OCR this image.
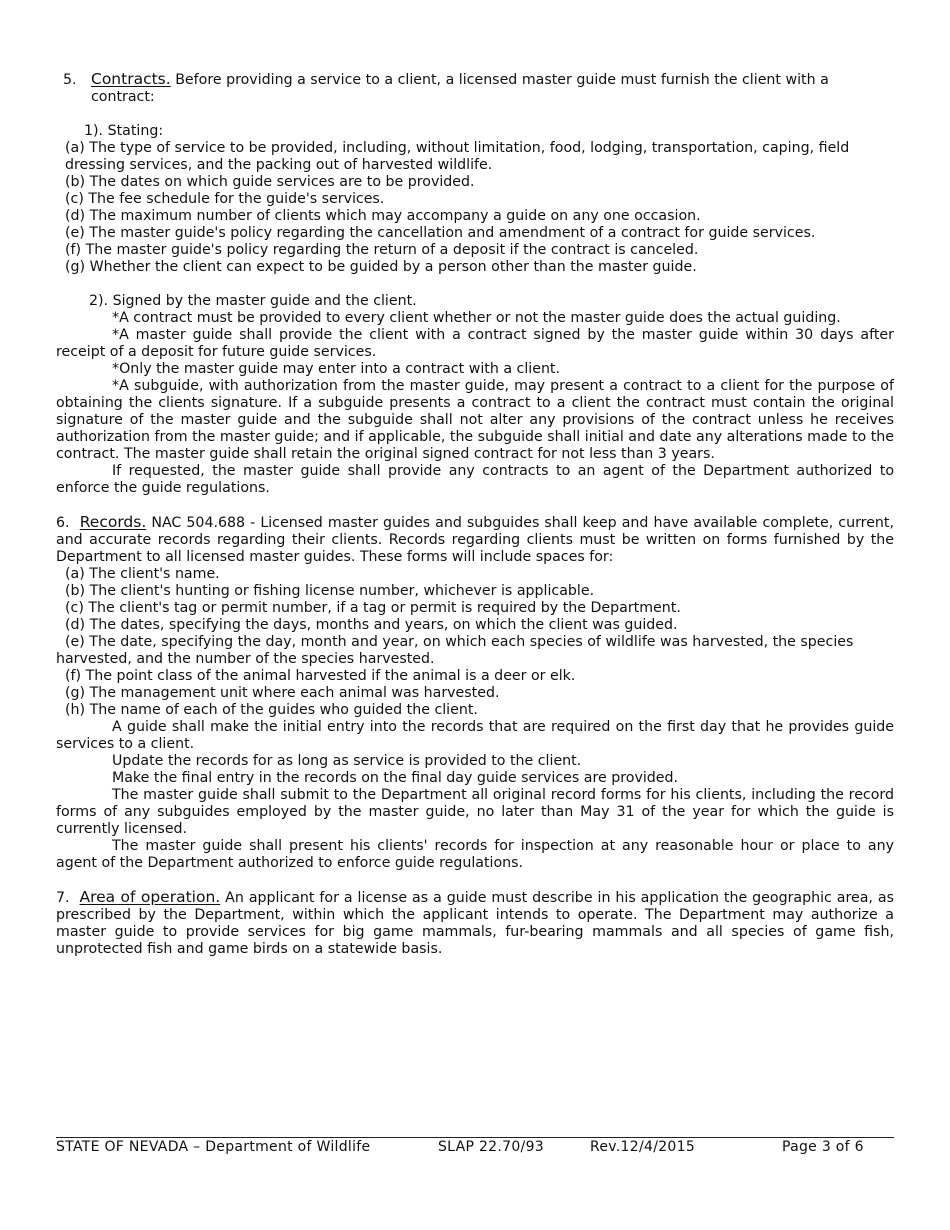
5. Contracts. Before providing a service to a client, a licensed master guide must furnish the client with a contract:

1). Stating:

(a) The type of service to be provided, including, without limitation, food, lodging, transportation, caping, field dressing services, and the packing out of harvested wildlife.

(b) The dates on which guide services are to be provided.

(c) The fee schedule for the guide's services.

(d) The maximum number of clients which may accompany a guide on any one occasion.

(e) The master guide's policy regarding the cancellation and amendment of a contract for guide services.

(f) The master guide's policy regarding the return of a deposit if the contract is canceled.

(g) Whether the client can expect to be guided by a person other than the master guide.

2). Signed by the master guide and the client.

*A contract must be provided to every client whether or not the master guide does the actual guiding.

*A master guide shall provide the client with a contract signed by the master guide within 30 days after receipt of a deposit for future guide services.

*Only the master guide may enter into a contract with a client.

*A subguide, with authorization from the master guide, may present a contract to a client for the purpose of obtaining the clients signature. If a subguide presents a contract to a client the contract must contain the original signature of the master guide and the subguide shall not alter any provisions of the contract unless he receives authorization from the master guide; and if applicable, the subguide shall initial and date any alterations made to the contract. The master guide shall retain the original signed contract for not less than 3 years.

If requested, the master guide shall provide any contracts to an agent of the Department authorized to enforce the guide regulations.

6. Records. NAC 504.688 - Licensed master guides and subguides shall keep and have available complete, current, and accurate records regarding their clients. Records regarding clients must be written on forms furnished by the Department to all licensed master guides. These forms will include spaces for:

(a) The client's name.

(b) The client's hunting or fishing license number, whichever is applicable.

(c) The client's tag or permit number, if a tag or permit is required by the Department.

(d) The dates, specifying the days, months and years, on which the client was guided.

(e) The date, specifying the day, month and year, on which each species of wildlife was harvested, the species harvested, and the number of the species harvested.

(f) The point class of the animal harvested if the animal is a deer or elk.

(g) The management unit where each animal was harvested.

(h) The name of each of the guides who guided the client.

A guide shall make the initial entry into the records that are required on the first day that he provides guide services to a client.

Update the records for as long as service is provided to the client.

Make the final entry in the records on the final day guide services are provided.

The master guide shall submit to the Department all original record forms for his clients, including the record forms of any subguides employed by the master guide, no later than May 31 of the year for which the guide is currently licensed.

The master guide shall present his clients' records for inspection at any reasonable hour or place to any agent of the Department authorized to enforce guide regulations.

7. Area of operation. An applicant for a license as a guide must describe in his application the geographic area, as prescribed by the Department, within which the applicant intends to operate. The Department may authorize a master guide to provide services for big game mammals, fur-bearing mammals and all species of game fish, unprotected fish and game birds on a statewide basis.

STATE OF NEVADA – Department of Wildlife	SLAP 22.70/93	Rev.12/4/2015	Page 3 of 6
